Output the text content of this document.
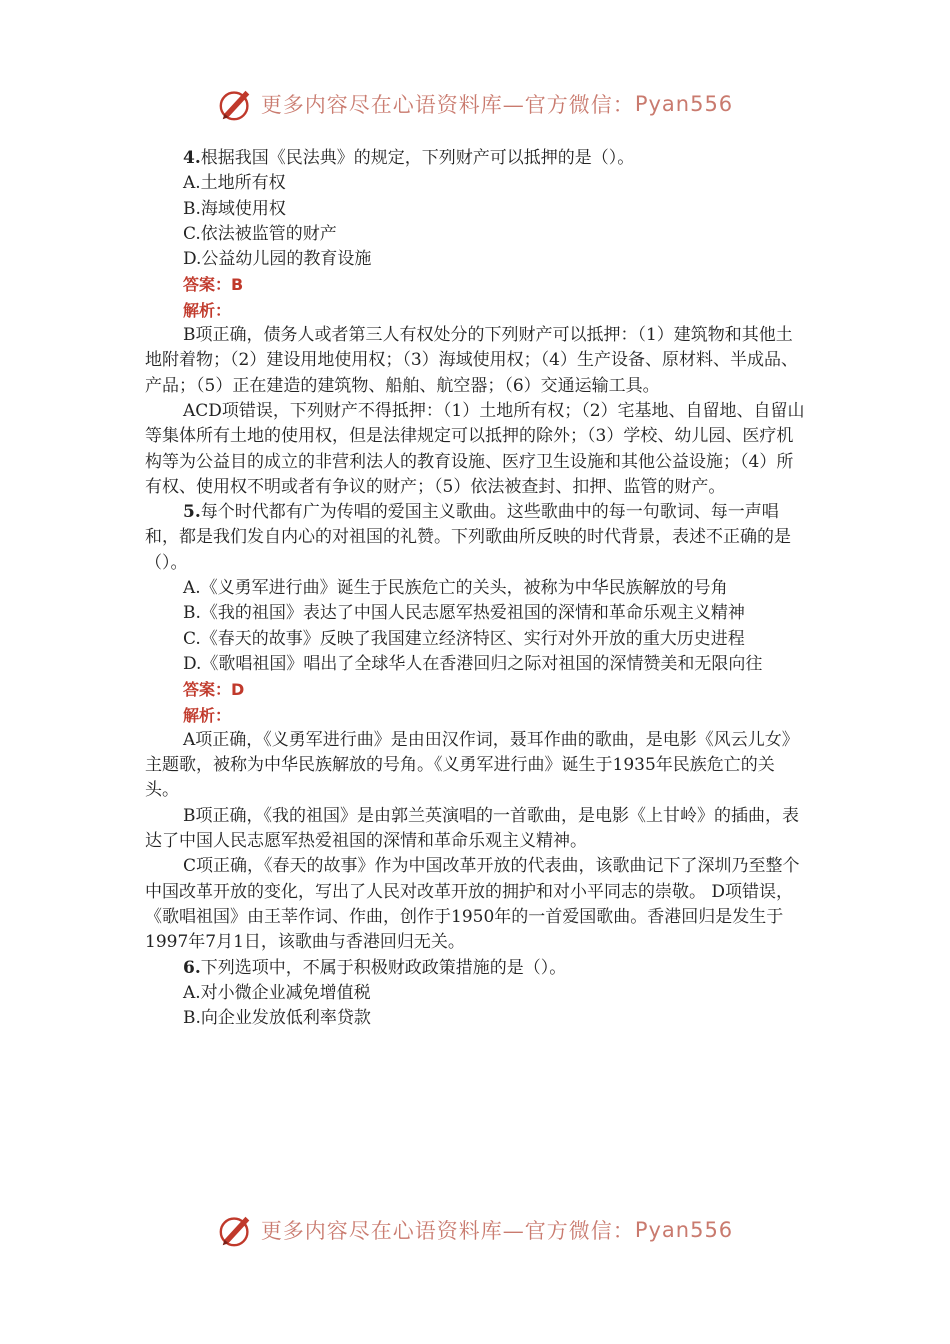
更多内容尽在心语资料库—官方微信： Pyan556

4.根据我国《民法典》的规定，下列财产可以抵押的是（）。

A.土地所有权

B.海域使用权

C.依法被监管的财产

D.公益幼儿园的教育设施

答案：B

解析：

B项正确，债务人或者第三人有权处分的下列财产可以抵押：（1）建筑物和其他土地附着物；（2）建设用地使用权；（3）海域使用权；（4）生产设备、原材料、半成品、产品；（5）正在建造的建筑物、船舶、航空器；（6）交通运输工具。

ACD项错误，下列财产不得抵押：（1）土地所有权；（2）宅基地、自留地、自留山等集体所有土地的使用权，但是法律规定可以抵押的除外；（3）学校、幼儿园、医疗机构等为公益目的成立的非营利法人的教育设施、医疗卫生设施和其他公益设施；（4）所有权、使用权不明或者有争议的财产；（5）依法被查封、扣押、监管的财产。

5.每个时代都有广为传唱的爱国主义歌曲。这些歌曲中的每一句歌词、每一声唱和，都是我们发自内心的对祖国的礼赞。下列歌曲所反映的时代背景，表述不正确的是（）。

A.《义勇军进行曲》诞生于民族危亡的关头，被称为中华民族解放的号角

B.《我的祖国》表达了中国人民志愿军热爱祖国的深情和革命乐观主义精神

C.《春天的故事》反映了我国建立经济特区、实行对外开放的重大历史进程

D.《歌唱祖国》唱出了全球华人在香港回归之际对祖国的深情赞美和无限向往

答案：D

解析：

A项正确，《义勇军进行曲》是由田汉作词，聂耳作曲的歌曲，是电影《风云儿女》主题歌，被称为中华民族解放的号角。《义勇军进行曲》诞生于1935年民族危亡的关头。

B项正确，《我的祖国》是由郭兰英演唱的一首歌曲，是电影《上甘岭》的插曲，表达了中国人民志愿军热爱祖国的深情和革命乐观主义精神。

C项正确，《春天的故事》作为中国改革开放的代表曲，该歌曲记下了深圳乃至整个中国改革开放的变化，写出了人民对改革开放的拥护和对小平同志的崇敬。 D项错误，《歌唱祖国》由王莘作词、作曲，创作于1950年的一首爱国歌曲。香港回归是发生于1997年7月1日，该歌曲与香港回归无关。

6.下列选项中，不属于积极财政政策措施的是（）。

A.对小微企业减免增值税

B.向企业发放低利率贷款

更多内容尽在心语资料库—官方微信： Pyan556
